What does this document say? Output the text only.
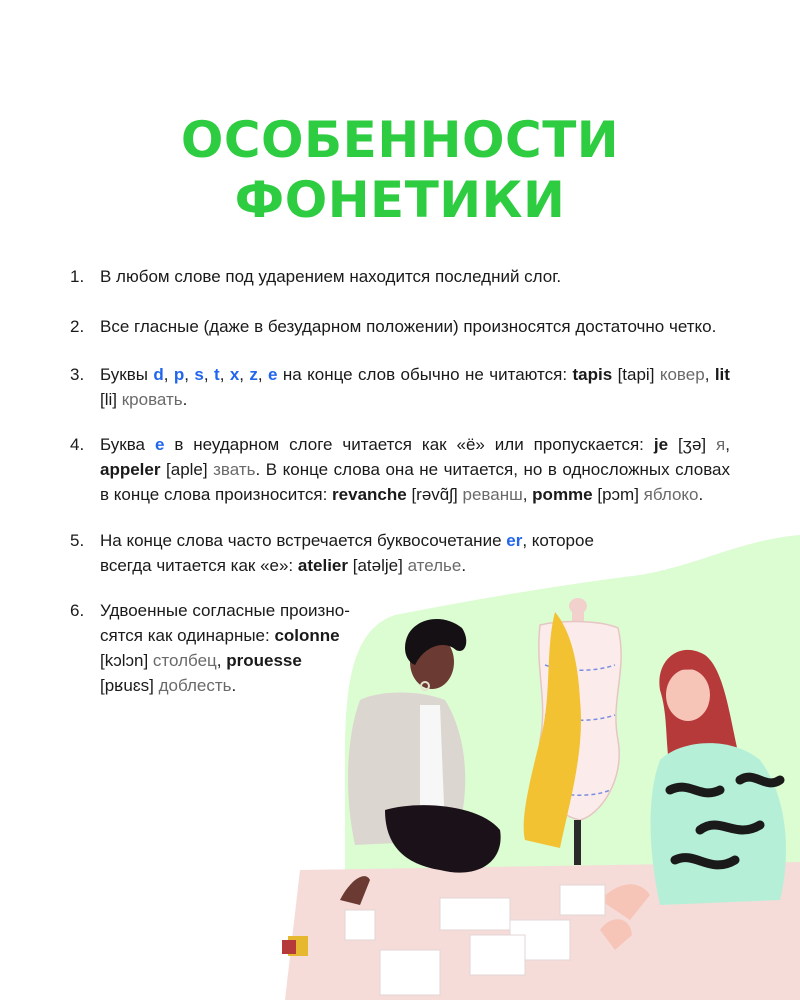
ОСОБЕННОСТИ
ФОНЕТИКИ
1. В любом слове под ударением находится последний слог.
2. Все гласные (даже в безударном положении) произносятся достаточно четко.
3. Буквы d, p, s, t, x, z, e на конце слов обычно не читаются: tapis [tapi] ковер, lit [li] кровать.
4. Буква e в неударном слоге читается как «ё» или пропускается: je [ʒə] я, appeler [aple] звать. В конце слова она не читается, но в односложных словах в конце слова произносится: revanche [rəvɑ̃ʃ] реванш, pomme [pɔm] яблоко.
5. На конце слова часто встречается буквосочетание er, которое всегда читается как «е»: atelier [atəlje] ателье.
6. Удвоенные согласные произно-
сятся как одинарные: colonne
[kɔlɔn] столбец, prouesse
[pʁuɛs] доблесть.
